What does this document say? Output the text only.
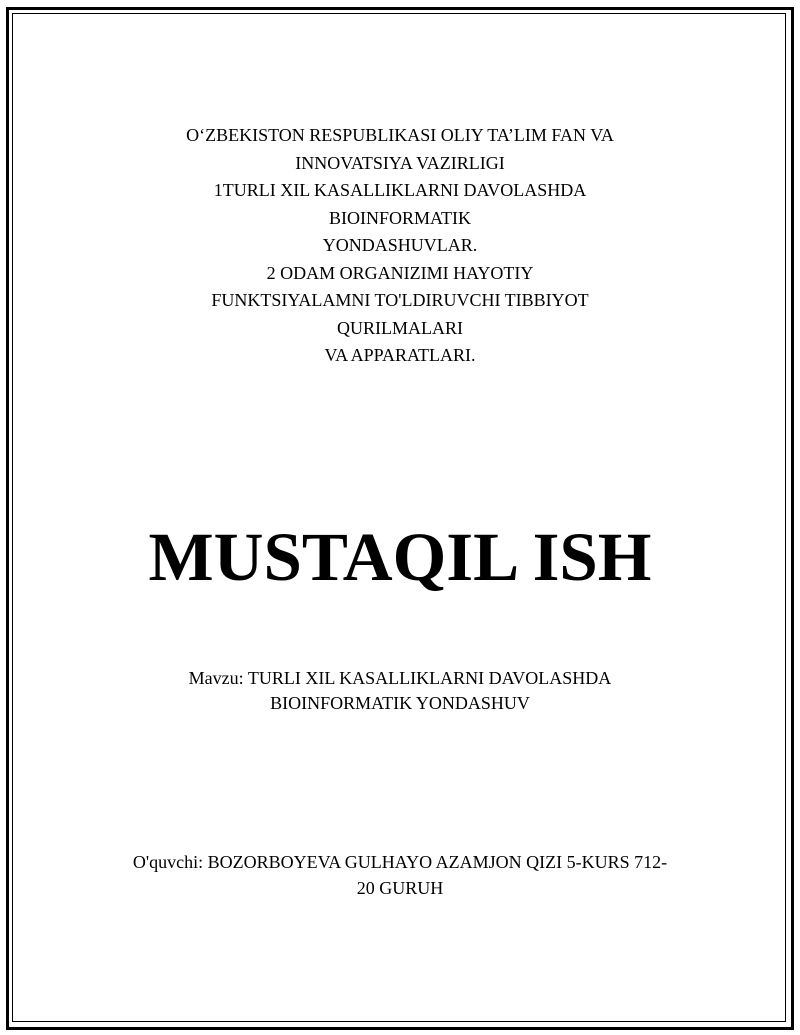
O‘ZBEKISTON RESPUBLIKASI OLIY TA’LIM FAN VA
INNOVATSIYA VAZIRLIGI
1TURLI XIL KASALLIKLARNI DAVOLASHDA
BIOINFORMATIK
YONDASHUVLAR.
2 ODAM ORGANIZIMI HAYOTIY
FUNKTSIYALAMNI TO'LDIRUVCHI TIBBIYOT
QURILMALARI
VA APPARATLARI.
MUSTAQIL ISH
Mavzu: TURLI XIL KASALLIKLARNI DAVOLASHDA
BIOINFORMATIK YONDASHUV
O'quvchi: BOZORBOYEVA GULHAYO AZAMJON QIZI 5-KURS 712-
20 GURUH
